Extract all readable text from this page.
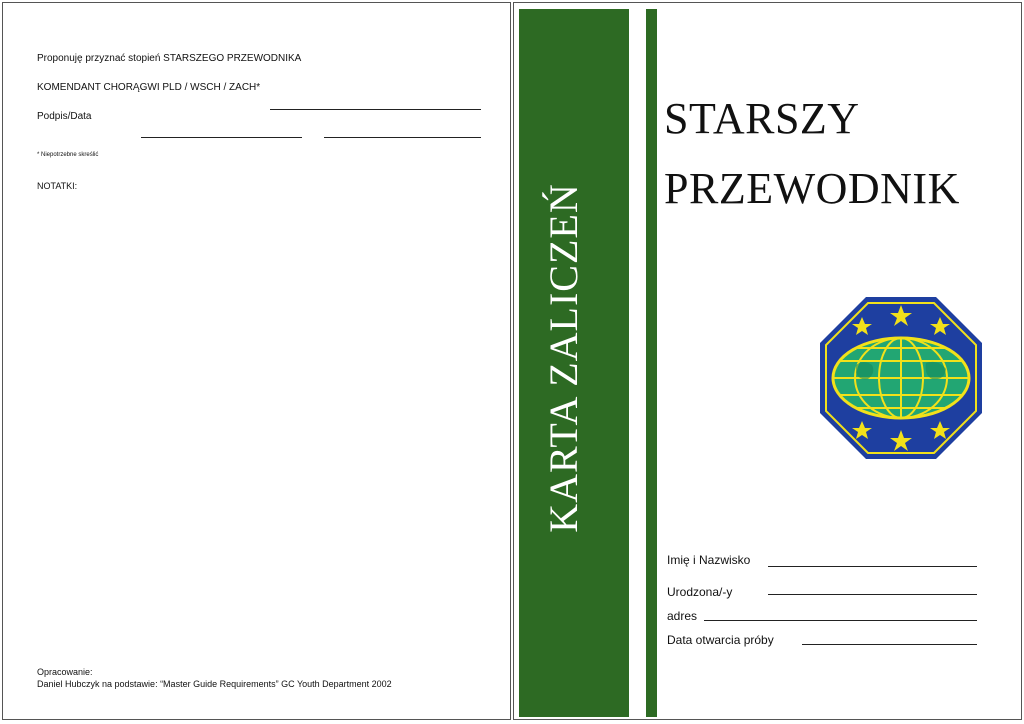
Proponuję przyznać stopień STARSZEGO PRZEWODNIKA
KOMENDANT CHORĄGWI PLD / WSCH / ZACH*
Podpis/Data
* Niepotrzebne skreślić
NOTATKI:
Opracowanie:
Daniel Hubczyk na podstawie: “Master Guide Requirements” GC Youth Department 2002
KARTA ZALICZEŃ
STARSZY
PRZEWODNIK
Imię i Nazwisko
Urodzona/-y
adres
Data otwarcia próby
